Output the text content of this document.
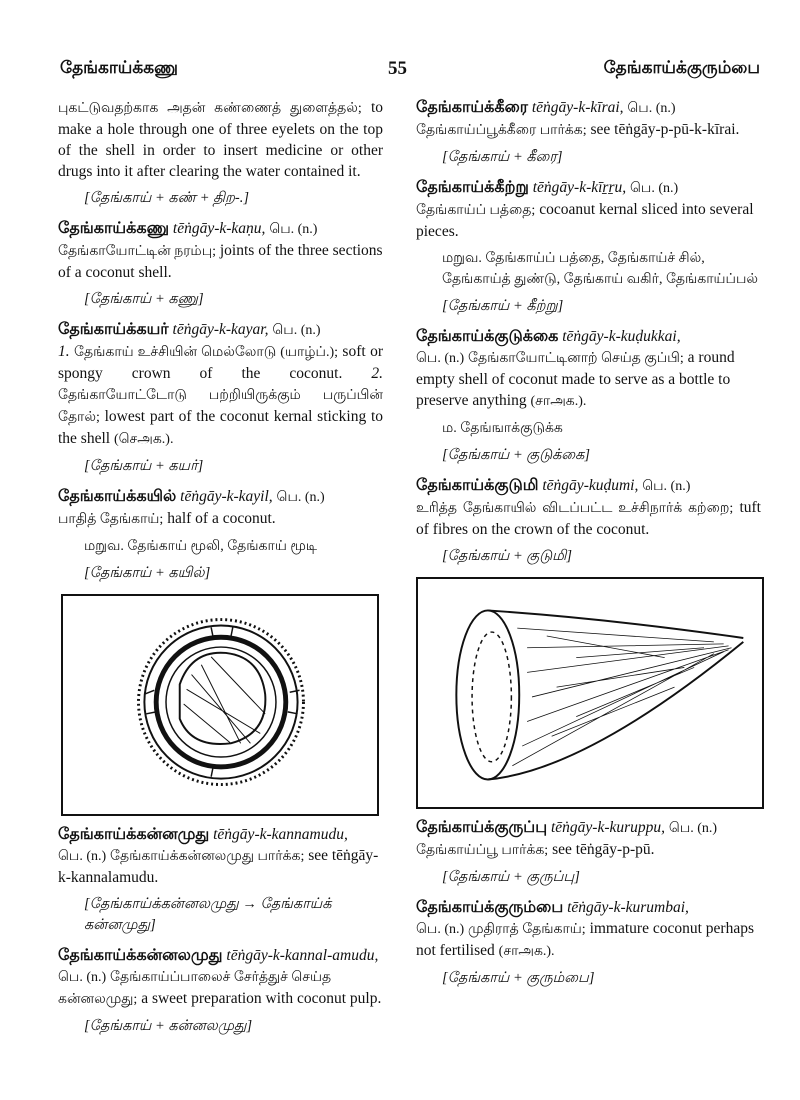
தேங்காய்க்கணு	55	தேங்காய்க்குரும்பை
புகட்டுவதற்காக அதன் கண்ணைத் துளைத்தல்; to make a hole through one of three eyelets on the top of the shell in order to insert medicine or other drugs into it after clearing the water contained it.
[தேங்காய் + கண் + திற-.]
தேங்காய்க்கணு tēṅgāy-k-kaṇu, பெ. (n.)
தேங்காயோட்டின் நரம்பு; joints of the three sections of a coconut shell.
[தேங்காய் + கணு]
தேங்காய்க்கயர் tēṅgāy-k-kayar, பெ. (n.)
1. தேங்காய் உச்சியின் மெல்லோடு (யாழ்ப்.); soft or spongy crown of the coconut. 2. தேங்காயோட்டோடு பற்றியிருக்கும் பருப்பின் தோல்; lowest part of the coconut kernal sticking to the shell (செஅக.).
[தேங்காய் + கயர்]
தேங்காய்க்கயில் tēṅgāy-k-kayil, பெ. (n.)
பாதித் தேங்காய்; half of a coconut.
மறுவ. தேங்காய் மூலி, தேங்காய் மூடி
[தேங்காய் + கயில்]
தேங்காய்க்கன்னமுது tēṅgāy-k-kannamudu,
பெ. (n.) தேங்காய்க்கன்னலமுது பார்க்க; see tēṅgāy-k-kannalamudu.
[தேங்காய்க்கன்னலமுது → தேங்காய்க் கன்னமுது]
தேங்காய்க்கன்னலமுது tēṅgāy-k-kannal-amudu, பெ. (n.) தேங்காய்ப்பாலைச் சேர்த்துச் செய்த கன்னலமுது; a sweet preparation with coconut pulp.
[தேங்காய் + கன்னலமுது]
தேங்காய்க்கீரை tēṅgāy-k-kīrai, பெ. (n.)
தேங்காய்ப்பூக்கீரை பார்க்க; see tēṅgāy-p-pū-k-kīrai.
[தேங்காய் + கீரை]
தேங்காய்க்கீற்று tēṅgāy-k-kīṟṟu, பெ. (n.)
தேங்காய்ப் பத்தை; cocoanut kernal sliced into several pieces.
மறுவ. தேங்காய்ப் பத்தை, தேங்காய்ச் சில், தேங்காய்த் துண்டு, தேங்காய் வகிர், தேங்காய்ப்பல்
[தேங்காய் + கீற்று]
தேங்காய்க்குடுக்கை tēṅgāy-k-kuḍukkai,
பெ. (n.) தேங்காயோட்டினாற் செய்த குப்பி; a round empty shell of coconut made to serve as a bottle to preserve anything (சாஅக.).
ம. தேங்ஙாக்குடுக்க
[தேங்காய் + குடுக்கை]
தேங்காய்க்குடுமி tēṅgāy-kuḍumi, பெ. (n.)
உரித்த தேங்காயில் விடப்பட்ட உச்சிநார்க் கற்றை; tuft of fibres on the crown of the coconut.
[தேங்காய் + குடுமி]
தேங்காய்க்குருப்பு tēṅgāy-k-kuruppu, பெ. (n.)
தேங்காய்ப்பூ பார்க்க; see tēṅgāy-p-pū.
[தேங்காய் + குருப்பு]
தேங்காய்க்குரும்பை tēṅgāy-k-kurumbai,
பெ. (n.) முதிராத் தேங்காய்; immature coconut perhaps not fertilised (சாஅக.).
[தேங்காய் + குரும்பை]
